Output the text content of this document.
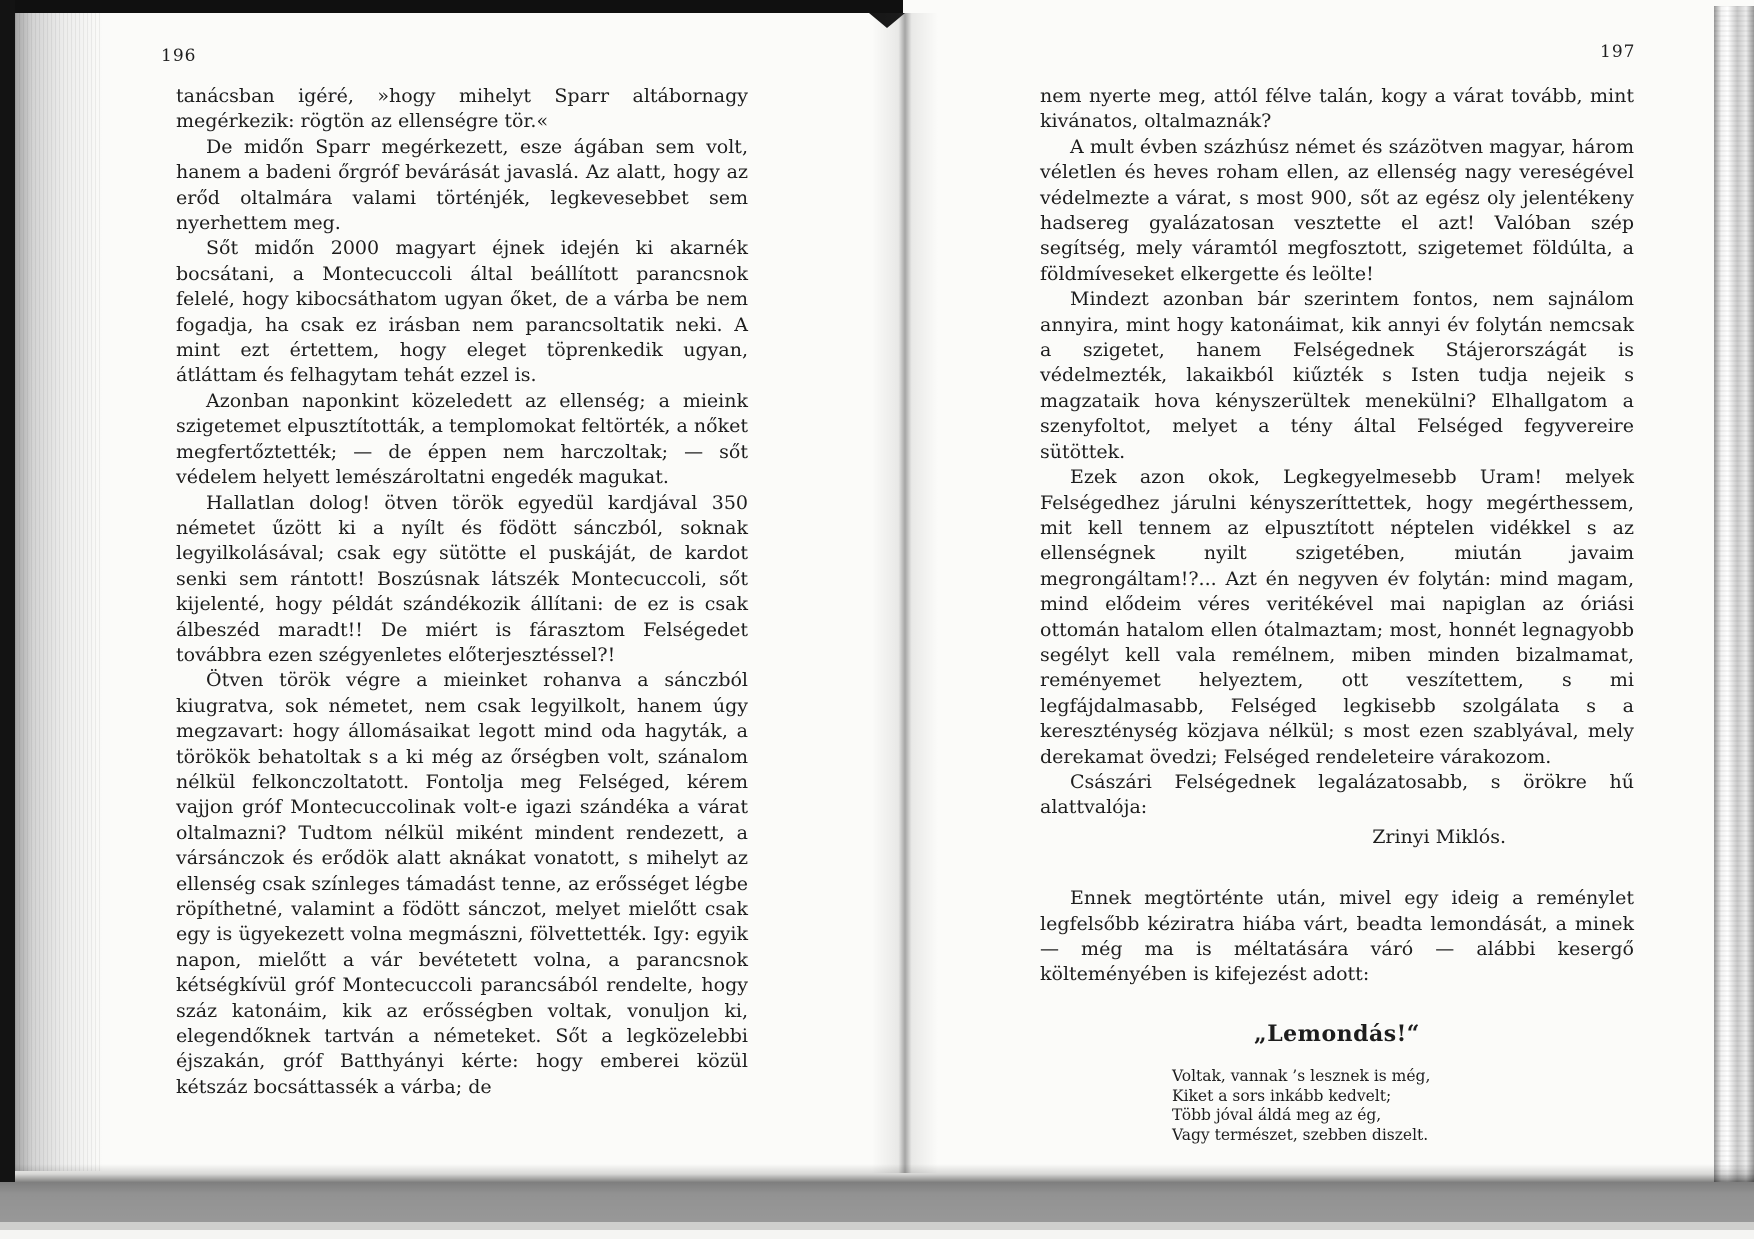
196

tanácsban igéré, »hogy mihelyt Sparr altábornagy megérkezik: rögtön az ellenségre tör.«

De midőn Sparr megérkezett, esze ágában sem volt, hanem a badeni őrgróf bevárását javaslá. Az alatt, hogy az erőd oltalmára valami történjék, legkevesebbet sem nyerhettem meg.

Sőt midőn 2000 magyart éjnek idején ki akarnék bocsátani, a Montecuccoli által beállított parancsnok felelé, hogy kibocsáthatom ugyan őket, de a várba be nem fogadja, ha csak ez irásban nem parancsoltatik neki. A mint ezt értettem, hogy eleget töprenkedik ugyan, átláttam és felhagytam tehát ezzel is.

Azonban naponkint közeledett az ellenség; a mieink szigetemet elpusztították, a templomokat feltörték, a nőket megfertőztették; — de éppen nem harczoltak; — sőt védelem helyett lemészároltatni engedék magukat.

Hallatlan dolog! ötven török egyedül kardjával 350 németet űzött ki a nyílt és födött sánczból, soknak legyilkolásával; csak egy sütötte el puskáját, de kardot senki sem rántott! Boszúsnak látszék Montecuccoli, sőt kijelenté, hogy példát szándékozik állítani: de ez is csak álbeszéd maradt!! De miért is fárasztom Felségedet továbbra ezen szégyenletes előterjesztéssel?!

Ötven török végre a mieinket rohanva a sánczból kiugratva, sok németet, nem csak legyilkolt, hanem úgy megzavart: hogy állomásaikat legott mind oda hagyták, a törökök behatoltak s a ki még az őrségben volt, szánalom nélkül felkonczoltatott. Fontolja meg Felséged, kérem vajjon gróf Montecuccolinak volt-e igazi szándéka a várat oltalmazni? Tudtom nélkül miként mindent rendezett, a vársánczok és erődök alatt aknákat vonatott, s mihelyt az ellenség csak színleges támadást tenne, az erősséget légbe röpíthetné, valamint a födött sánczot, melyet mielőtt csak egy is ügyekezett volna megmászni, fölvettették. Igy: egyik napon, mielőtt a vár bevétetett volna, a parancsnok kétségkívül gróf Montecuccoli parancsából rendelte, hogy száz katonáim, kik az erősségben voltak, vonuljon ki, elegendőknek tartván a németeket. Sőt a legközelebbi éjszakán, gróf Batthyányi kérte: hogy emberei közül kétszáz bocsáttassék a várba; de

197

nem nyerte meg, attól félve talán, kogy a várat tovább, mint kivánatos, oltalmaznák?

A mult évben százhúsz német és százötven magyar, három véletlen és heves roham ellen, az ellenség nagy vereségével védelmezte a várat, s most 900, sőt az egész oly jelentékeny hadsereg gyalázatosan vesztette el azt! Valóban szép segítség, mely váramtól megfosztott, szigetemet földúlta, a földmíveseket elkergette és leölte!

Mindezt azonban bár szerintem fontos, nem sajnálom annyira, mint hogy katonáimat, kik annyi év folytán nemcsak a szigetet, hanem Felségednek Stájerországát is védelmezték, lakaikból kiűzték s Isten tudja nejeik s magzataik hova kényszerültek menekülni? Elhallgatom a szenyfoltot, melyet a tény által Felséged fegyvereire sütöttek.

Ezek azon okok, Legkegyelmesebb Uram! melyek Felségedhez járulni kényszeríttettek, hogy megérthessem, mit kell tennem az elpusztított néptelen vidékkel s az ellenségnek nyilt szigetében, miután javaim megrongáltam!?... Azt én negyven év folytán: mind magam, mind elődeim véres veritékével mai napiglan az óriási ottomán hatalom ellen ótalmaztam; most, honnét legnagyobb segélyt kell vala remélnem, miben minden bizalmamat, reményemet helyeztem, ott veszítettem, s mi legfájdalmasabb, Felséged legkisebb szolgálata s a kereszténység közjava nélkül; s most ezen szablyával, mely derekamat övedzi; Felséged rendeleteire várakozom.

Császári Felségednek legalázatosabb, s örökre hű alattvalója:

Zrinyi Miklós.

Ennek megtörténte után, mivel egy ideig a reménylet legfelsőbb kéziratra hiába várt, beadta lemondását, a minek — még ma is méltatására váró — alábbi kesergő költeményében is kifejezést adott:

„Lemondás!“

Voltak, vannak ’s lesznek is még,

Kiket a sors inkább kedvelt;

Több jóval áldá meg az ég,

Vagy természet, szebben diszelt.
